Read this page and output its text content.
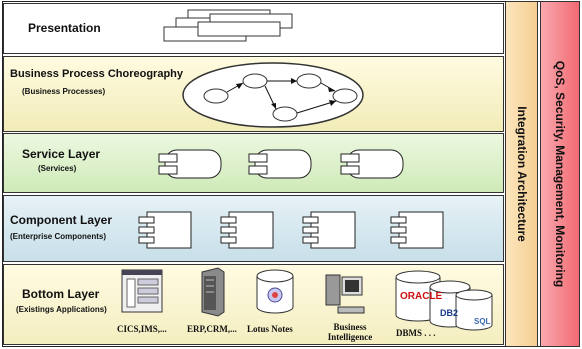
Presentation
Business Process Choreography
(Business Processes)
Service Layer
(Services)
Component Layer
(Enterprise Components)
Bottom Layer
(Existings Applications)
CICS,IMS,... ERP,CRM,... Lotus Notes	Business Intelligence
ORACLE
DB2
SQL
DBMS . . .
Integration Architecture QoS, Security, Management, Monitoring
